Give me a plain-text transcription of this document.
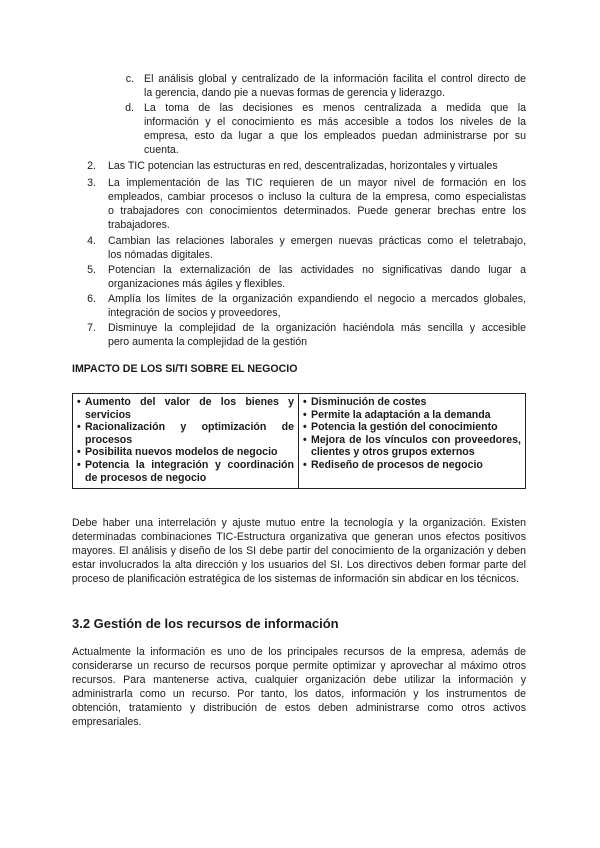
c. El análisis global y centralizado de la información facilita el control directo de
la gerencia, dando pie a nuevas formas de gerencia y liderazgo.
d. La toma de las decisiones es menos centralizada a medida que la
información y el conocimiento es más accesible a todos los niveles de la
empresa, esto da lugar a que los empleados puedan administrarse por su
cuenta.
2. Las TIC potencian las estructuras en red, descentralizadas, horizontales y virtuales
3. La implementación de las TIC requieren de un mayor nivel de formación en los
empleados, cambiar procesos o incluso la cultura de la empresa, como especialistas
o trabajadores con conocimientos determinados. Puede generar brechas entre los
trabajadores.
4. Cambian las relaciones laborales y emergen nuevas prácticas como el teletrabajo,
los nómadas digitales.
5. Potencian la externalización de las actividades no significativas dando lugar a
organizaciones más ágiles y flexibles.
6. Amplía los límites de la organización expandiendo el negocio a mercados globales,
integración de socios y proveedores,
7. Disminuye la complejidad de la organización haciéndola más sencilla y accesible
pero aumenta la complejidad de la gestión
IMPACTO DE LOS SI/TI SOBRE EL NEGOCIO
• Aumento del valor de los bienes y servicios
• Racionalización y optimización de procesos
• Posibilita nuevos modelos de negocio
• Potencia la integración y coordinación de procesos de negocio
• Disminución de costes
• Permite la adaptación a la demanda
• Potencia la gestión del conocimiento
• Mejora de los vínculos con proveedores, clientes y otros grupos externos
• Rediseño de procesos de negocio
Debe haber una interrelación y ajuste mutuo entre la tecnología y la organización. Existen determinadas combinaciones TIC-Estructura organizativa que generan unos efectos positivos mayores. El análisis y diseño de los SI debe partir del conocimiento de la organización y deben estar involucrados la alta dirección y los usuarios del SI. Los directivos deben formar parte del proceso de planificación estratégica de los sistemas de información sin abdicar en los técnicos.
3.2 Gestión de los recursos de información
Actualmente la información es uno de los principales recursos de la empresa, además de considerarse un recurso de recursos porque permite optimizar y aprovechar al máximo otros recursos. Para mantenerse activa, cualquier organización debe utilizar la información y administrarla como un recurso. Por tanto, los datos, información y los instrumentos de obtención, tratamiento y distribución de estos deben administrarse como otros activos empresariales.
